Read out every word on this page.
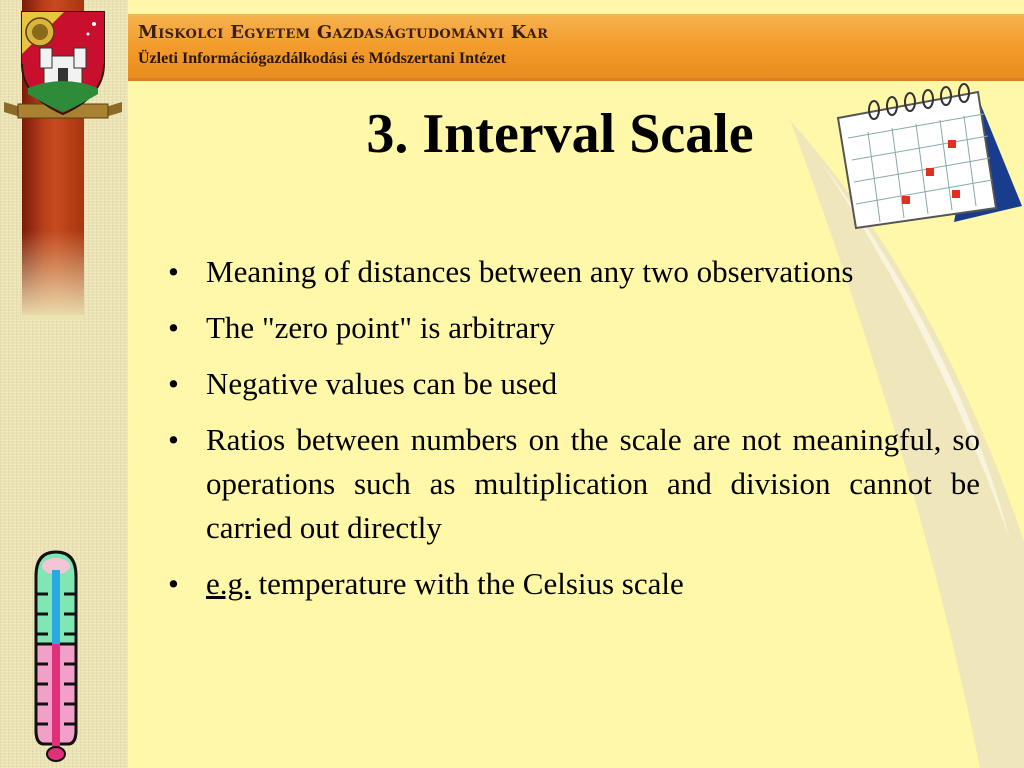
Miskolci Egyetem Gazdaságtudományi Kar
Üzleti Információgazdálkodási és Módszertani Intézet
3. Interval Scale
• Meaning of distances between any two observations
• The "zero point" is arbitrary
• Negative values can be used
• Ratios between numbers on the scale are not meaningful, so operations such as multiplication and division cannot be carried out directly
• e.g. temperature with the Celsius scale
